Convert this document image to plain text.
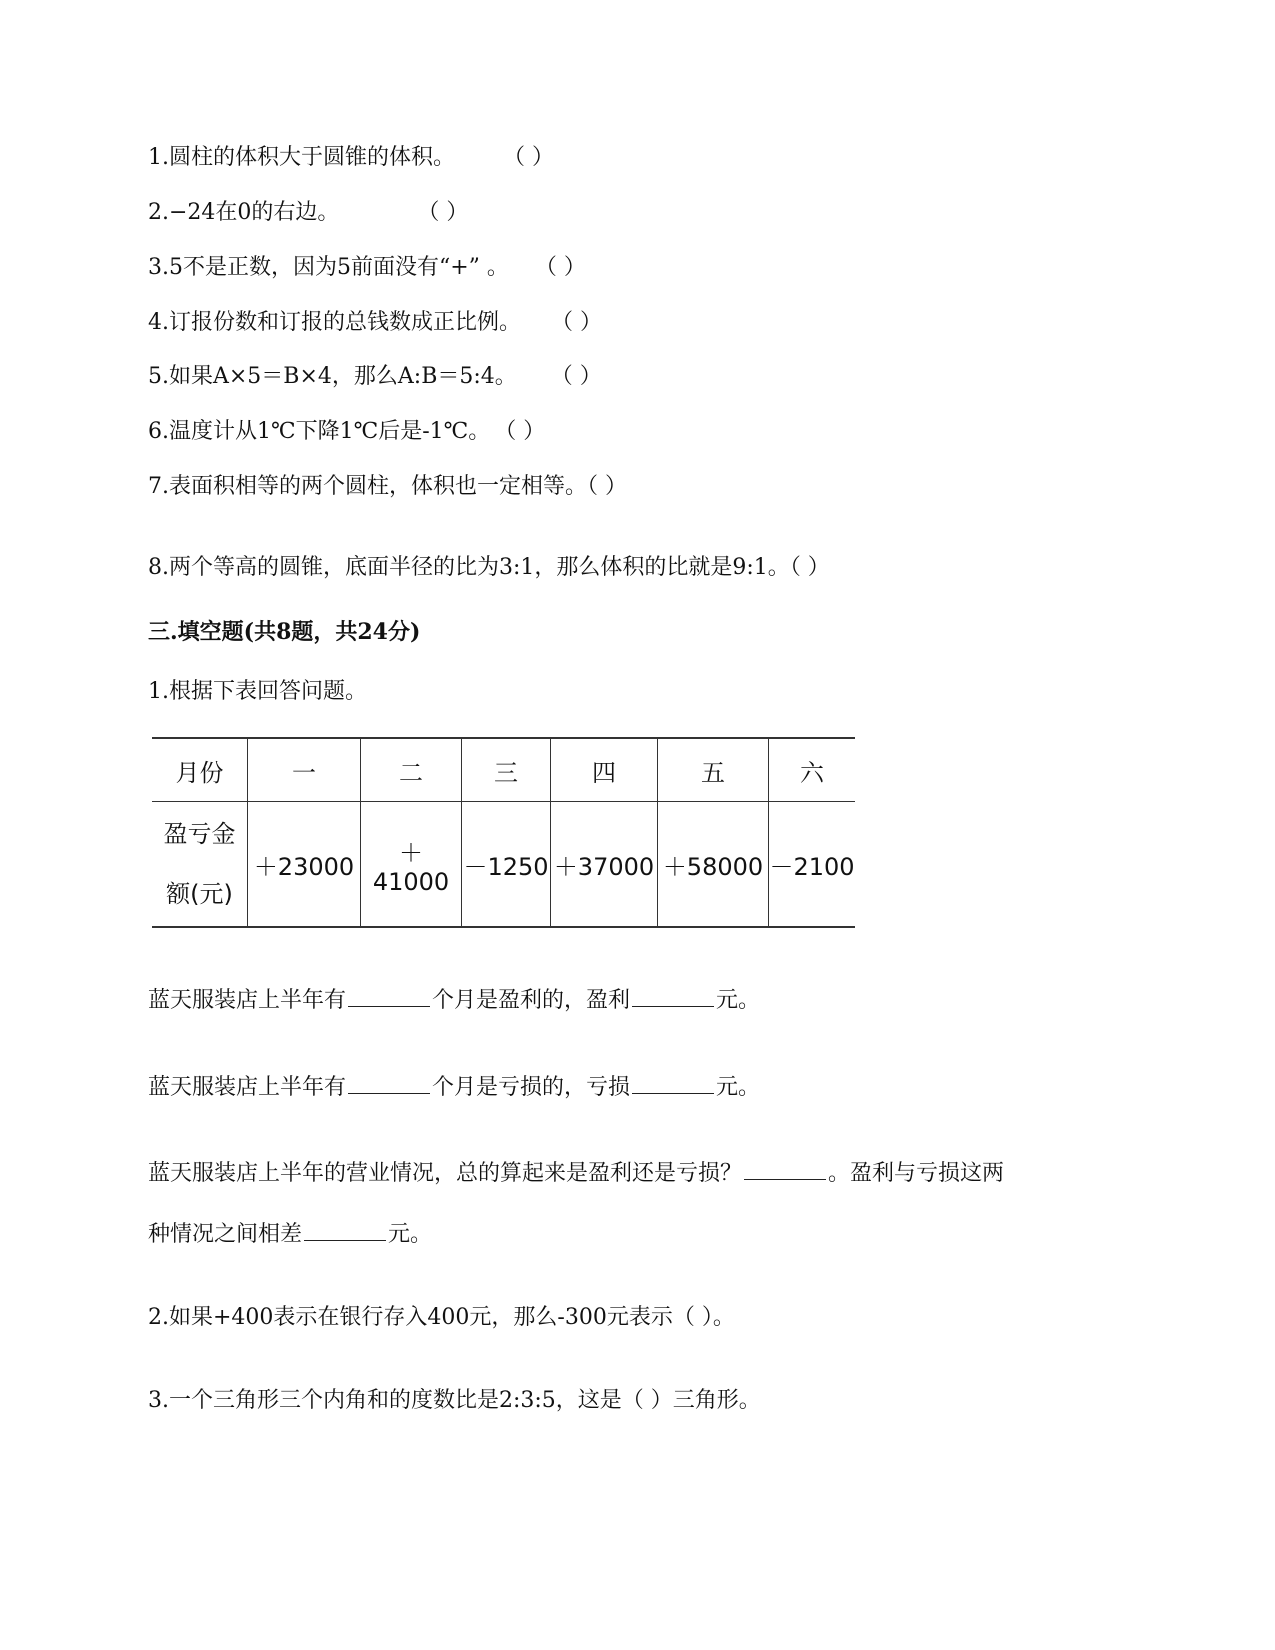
1.圆柱的体积大于圆锥的体积。 （ ）
2.−24在0的右边。	（ ）
3.5不是正数，因为5前面没有“+” 。 （ ）
4.订报份数和订报的总钱数成正比例。 （ ）
5.如果A×5＝B×4，那么A:B＝5:4。 （ ）
6.温度计从1℃下降1℃后是-1℃。 （ ）
7.表面积相等的两个圆柱，体积也一定相等。（ ）
8.两个等高的圆锥，底面半径的比为3:1，那么体积的比就是9:1。（ ）
三.填空题(共8题，共24分)
1.根据下表回答问题。
月份	一	二	三	四	五	六

盈亏金
额(元)	＋23000	＋41000	－1250	＋37000	＋58000	－2100
蓝天服装店上半年有	个月是盈利的，盈利	元。
蓝天服装店上半年有	个月是亏损的，亏损	元。
蓝天服装店上半年的营业情况，总的算起来是盈利还是亏损？	。盈利与亏损这两
种情况之间相差	元。
2.如果+400表示在银行存入400元，那么-300元表示（ ）。
3.一个三角形三个内角和的度数比是2:3:5，这是（ ）三角形。
